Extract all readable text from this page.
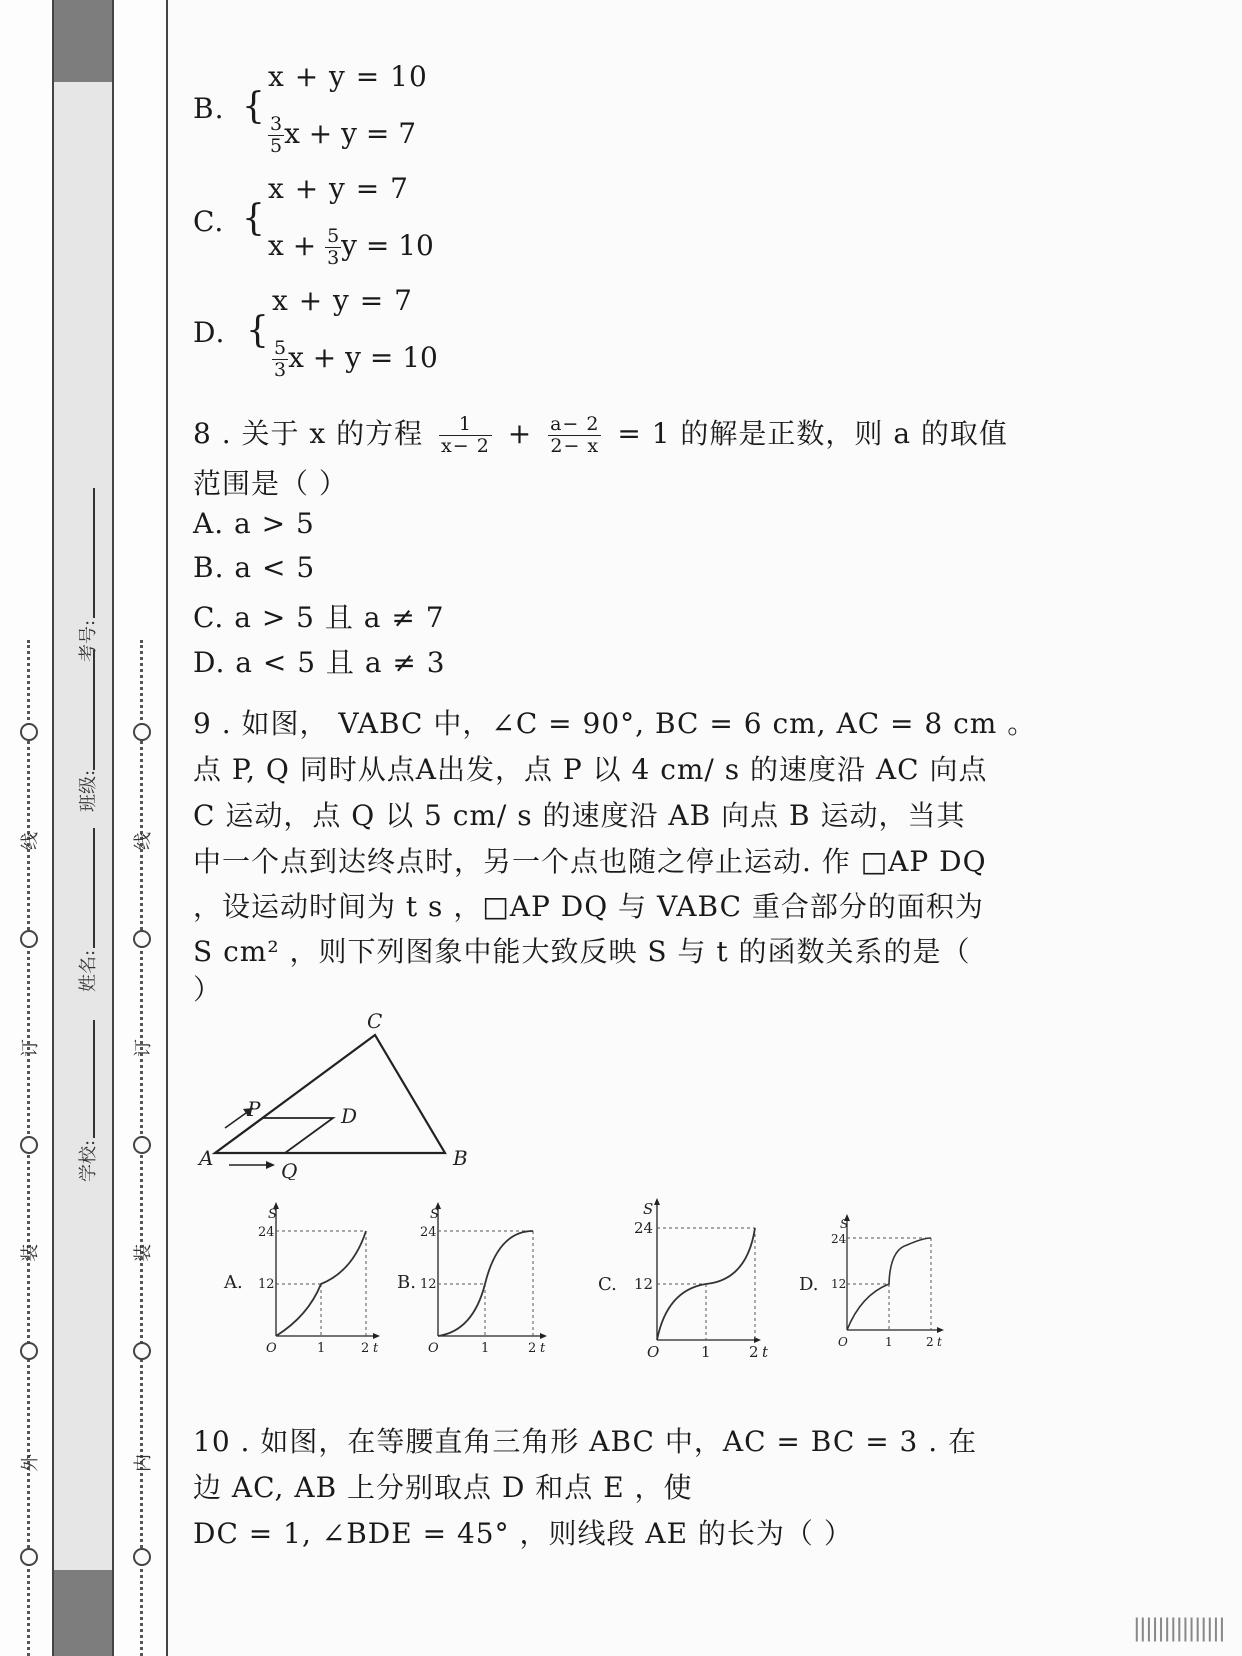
外
装
订
线
内
装
订
线
学校:
姓名:
班级:
考号:
B. {
x + y = 10
$\frac{3}{5}$ x + y = 7
C. {
x + y = 7
$x + \frac{5}{3}$ y = 10
D. {
x + y = 7
$\frac{5}{3}$ x + y = 10
8 . 关于 x 的方程 $\frac{1}{x- 2} + \frac{a- 2}{2- x} = 1$ 的解是正数，则 a 的取值
范围是（ ）
A. a > 5
B. a < 5
C. a > 5 且 a ≠ 7
D. a < 5 且 a ≠ 3
9 . 如图， VABC 中，∠C = 90°, BC = 6 cm, AC = 8 cm 。
点 P, Q 同时从点A出发，点 P 以 4 cm/ s 的速度沿 AC 向点
C 运动，点 Q 以 5 cm/ s 的速度沿 AB 向点 B 运动，当其
中一个点到达终点时，另一个点也随之停止运动. 作 □AP DQ
，设运动时间为 t s ，□AP DQ 与 VABC 重合部分的面积为
S cm² ，则下列图象中能大致反映 S 与 t 的函数关系的是（
）
A	B
C
P	D
Q
A.
S
24
12
O	1	2 t
B.
S
24
12
O	1	2 t
C.
S
24
12
O	1	2 t
D.
S
24
12
O	1	2 t
10 . 如图，在等腰直角三角形 ABC 中，AC = BC = 3 . 在
边 AC, AB 上分别取点 D 和点 E ，使
DC = 1, ∠BDE = 45° ，则线段 AE 的长为（ ）
|||||||||||||||
